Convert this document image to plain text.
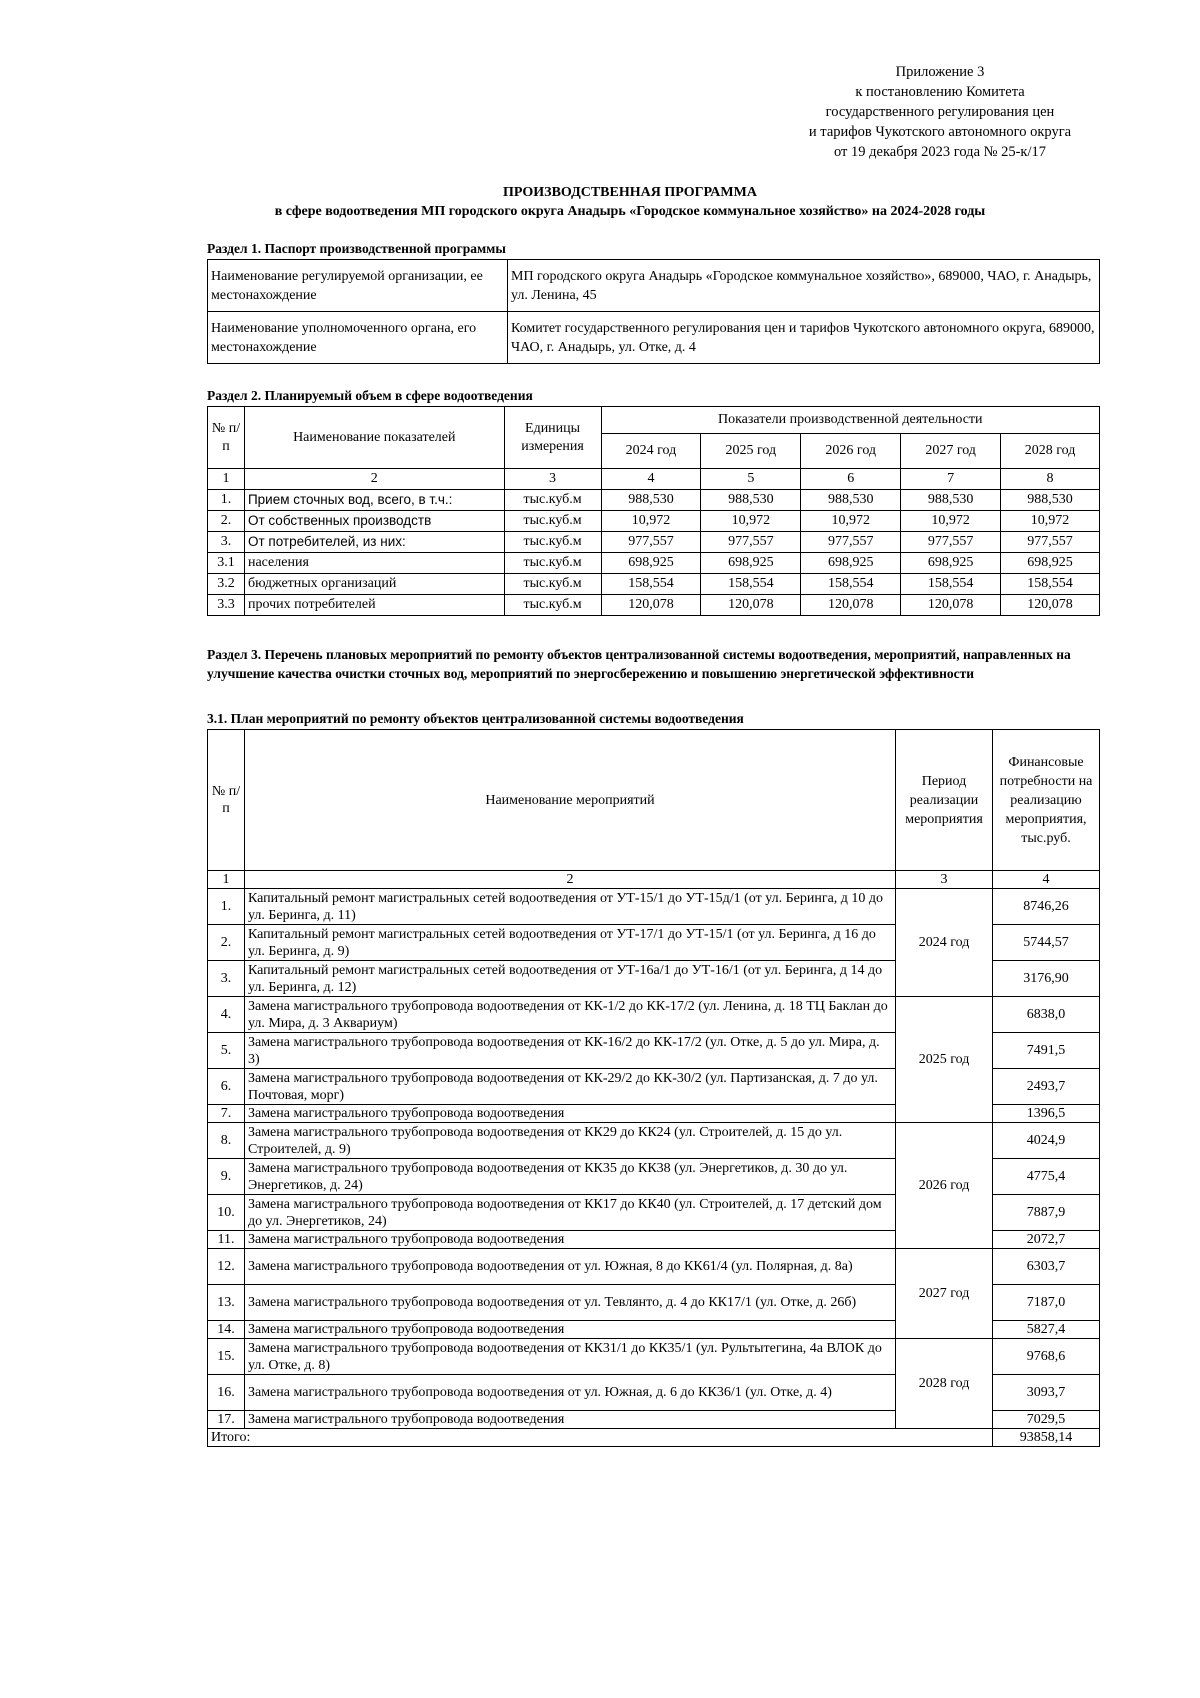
Приложение 3
к постановлению Комитета
государственного регулирования цен
и тарифов Чукотского автономного округа
от 19 декабря 2023 года № 25-к/17
ПРОИЗВОДСТВЕННАЯ ПРОГРАММА
в сфере водоотведения МП городского округа Анадырь «Городское коммунальное хозяйство» на 2024-2028 годы
Раздел 1. Паспорт производственной программы
Наименование регулируемой организации, ее местонахождение	МП городского округа Анадырь «Городское коммунальное хозяйство», 689000, ЧАО, г. Анадырь, ул. Ленина, 45
Наименование уполномоченного органа, его местонахождение	Комитет государственного регулирования цен и тарифов Чукотского автономного округа, 689000, ЧАО, г. Анадырь, ул. Отке, д. 4
Раздел 2. Планируемый объем в сфере водоотведения
№ п/п	Наименование показателей	Единицы измерения	Показатели производственной деятельности				
			2024 год	2025 год	2026 год	2027 год	2028 год
1	2	3	4	5	6	7	8
1.	Прием сточных вод, всего, в т.ч.:	тыс.куб.м	988,530	988,530	988,530	988,530	988,530
2.	От собственных производств	тыс.куб.м	10,972	10,972	10,972	10,972	10,972
3.	От потребителей, из них:	тыс.куб.м	977,557	977,557	977,557	977,557	977,557
3.1	населения	тыс.куб.м	698,925	698,925	698,925	698,925	698,925
3.2	бюджетных организаций	тыс.куб.м	158,554	158,554	158,554	158,554	158,554
3.3	прочих потребителей	тыс.куб.м	120,078	120,078	120,078	120,078	120,078
Раздел 3. Перечень плановых мероприятий по ремонту объектов централизованной системы водоотведения, мероприятий, направленных на улучшение качества очистки сточных вод, мероприятий по энергосбережению и повышению энергетической эффективности
3.1. План мероприятий по ремонту объектов централизованной системы водоотведения
№ п/п	Наименование мероприятий	Период реализации мероприятия	Финансовые потребности на реализацию мероприятия, тыс.руб.
1	2	3	4
1.	Капитальный ремонт магистральных сетей водоотведения от УТ-15/1 до УТ-15д/1 (от ул. Беринга, д 10 до ул. Беринга, д. 11)	2024 год	8746,26
2.	Капитальный ремонт магистральных сетей водоотведения от УТ-17/1 до УТ-15/1 (от ул. Беринга, д 16 до ул. Беринга, д. 9)		5744,57
3.	Капитальный ремонт магистральных сетей водоотведения от УТ-16а/1 до УТ-16/1 (от ул. Беринга, д 14 до ул. Беринга, д. 12)		3176,90
4.	Замена магистрального трубопровода водоотведения от КК-1/2 до КК-17/2 (ул. Ленина, д. 18 ТЦ Баклан до ул. Мира, д. 3 Аквариум)	2025 год	6838,0
5.	Замена магистрального трубопровода водоотведения от КК-16/2 до КК-17/2 (ул. Отке, д. 5 до ул. Мира, д. 3)		7491,5
6.	Замена магистрального трубопровода водоотведения от КК-29/2 до КК-30/2 (ул. Партизанская, д. 7 до ул. Почтовая, морг)		2493,7
7.	Замена магистрального трубопровода водоотведения		1396,5
8.	Замена магистрального трубопровода водоотведения от КК29 до КК24 (ул. Строителей, д. 15 до ул. Строителей, д. 9)	2026 год	4024,9
9.	Замена магистрального трубопровода водоотведения от КК35 до КК38 (ул. Энергетиков, д. 30 до ул. Энергетиков, д. 24)		4775,4
10.	Замена магистрального трубопровода водоотведения от КК17 до КК40 (ул. Строителей, д. 17 детский дом до ул. Энергетиков, 24)		7887,9
11.	Замена магистрального трубопровода водоотведения		2072,7
12.	Замена магистрального трубопровода водоотведения от ул. Южная, 8 до КК61/4 (ул. Полярная, д. 8а)	2027 год	6303,7
13.	Замена магистрального трубопровода водоотведения от ул. Тевлянто, д. 4 до КК17/1 (ул. Отке, д. 26б)		7187,0
14.	Замена магистрального трубопровода водоотведения		5827,4
15.	Замена магистрального трубопровода водоотведения от КК31/1 до КК35/1 (ул. Рультытегина, 4а ВЛОК до ул. Отке, д. 8)	2028 год	9768,6
16.	Замена магистрального трубопровода водоотведения от ул. Южная, д. 6 до КК36/1 (ул. Отке, д. 4)		3093,7
17.	Замена магистрального трубопровода водоотведения		7029,5
Итого:			93858,14
